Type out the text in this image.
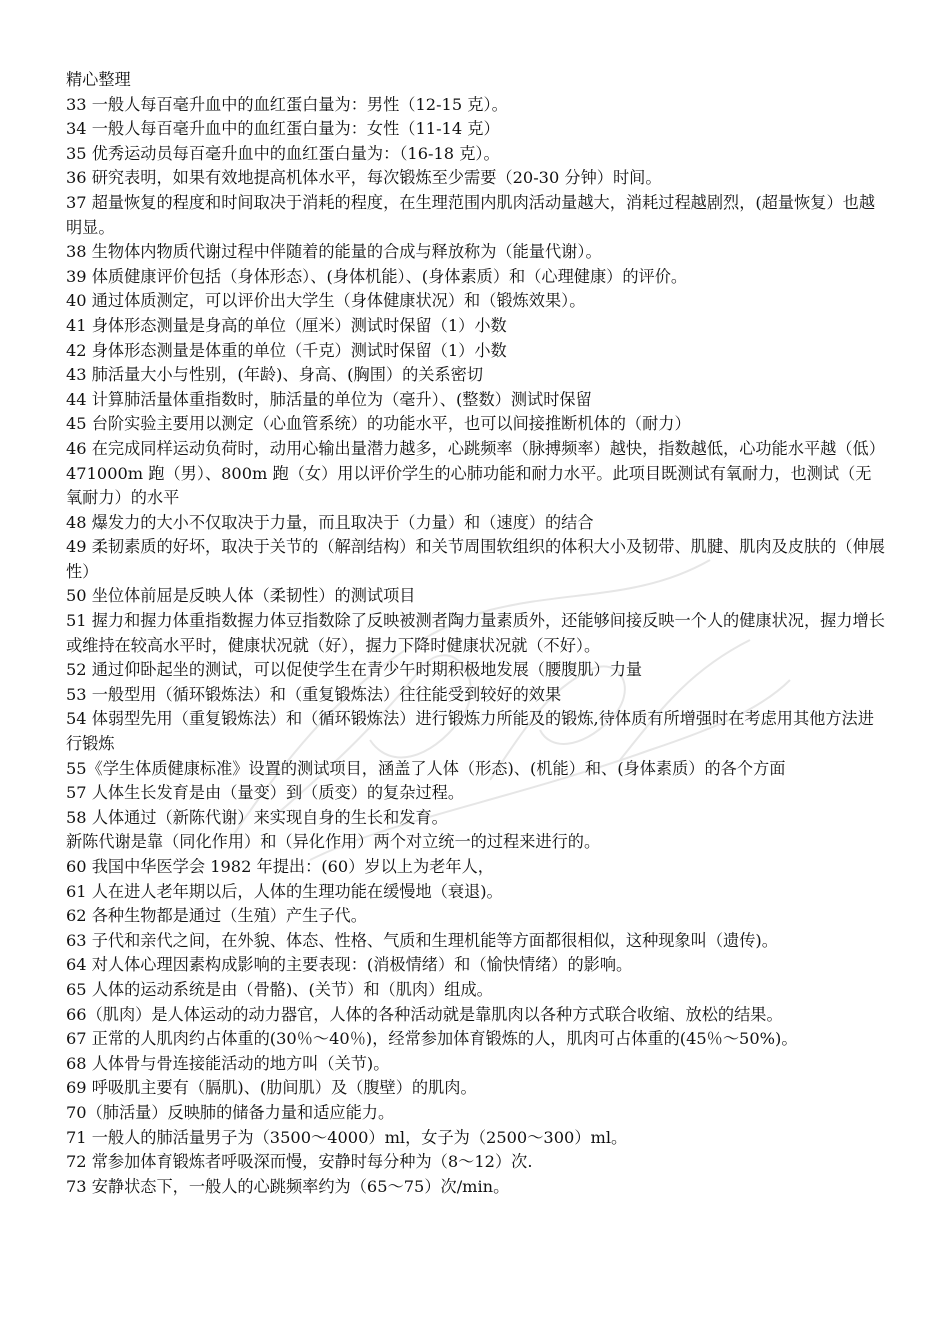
精心整理

33 一般人每百毫升血中的血红蛋白量为：男性（12-15 克）。

34 一般人每百毫升血中的血红蛋白量为：女性（11-14 克）

35 优秀运动员每百毫升血中的血红蛋白量为：（16-18 克）。

36 研究表明，如果有效地提高机体水平，每次锻炼至少需要（20-30 分钟）时间。

37 超量恢复的程度和时间取决于消耗的程度，在生理范围内肌肉活动量越大，消耗过程越剧烈，(超量恢复）也越明显。

38 生物体内物质代谢过程中伴随着的能量的合成与释放称为（能量代谢）。

39 体质健康评价包括（身体形态）、(身体机能）、(身体素质）和（心理健康）的评价。

40 通过体质测定，可以评价出大学生（身体健康状况）和（锻炼效果）。

41 身体形态测量是身高的单位（厘米）测试时保留（1）小数

42 身体形态测量是体重的单位（千克）测试时保留（1）小数

43 肺活量大小与性别，(年龄)、身高、(胸围）的关系密切

44 计算肺活量体重指数时，肺活量的单位为（毫升）、(整数）测试时保留

45 台阶实验主要用以测定（心血管系统）的功能水平，也可以间接推断机体的（耐力）

46 在完成同样运动负荷时，动用心输出量潜力越多，心跳频率（脉搏频率）越快，指数越低，心功能水平越（低）

471000m 跑（男）、800m 跑（女）用以评价学生的心肺功能和耐力水平。此项目既测试有氧耐力，也测试（无氧耐力）的水平

48 爆发力的大小不仅取决于力量，而且取决于（力量）和（速度）的结合

49 柔韧素质的好坏，取决于关节的（解剖结构）和关节周围软组织的体积大小及韧带、肌腱、肌肉及皮肤的（伸展性）

50 坐位体前屈是反映人体（柔韧性）的测试项目

51 握力和握力体重指数握力体豆指数除了反映被测者陶力量素质外，还能够间接反映一个人的健康状况，握力增长或维持在较高水平时，健康状况就（好），握力下降时健康状况就（不好）。

52 通过仰卧起坐的测试，可以促使学生在青少午时期积极地发展（腰腹肌）力量

53 一般型用（循环锻炼法）和（重复锻炼法）往往能受到较好的效果

54 体弱型先用（重复锻炼法）和（循环锻炼法）进行锻炼力所能及的锻炼,待体质有所增强时在考虑用其他方法进行锻炼

55《学生体质健康标准》设置的测试项目，涵盖了人体（形态)、(机能）和、(身体素质）的各个方面

57 人体生长发育是由（量变）到（质变）的复杂过程。

58 人体通过（新陈代谢）来实现自身的生长和发育。

新陈代谢是靠（同化作用）和（异化作用）两个对立统一的过程来进行的。

60 我国中华医学会 1982 年提出：(60）岁以上为老年人，

61 人在进人老年期以后，人体的生理功能在缓慢地（衰退)。

62 各种生物都是通过（生殖）产生子代。

63 子代和亲代之间，在外貌、体态、性格、气质和生理机能等方面都很相似，这种现象叫（遗传)。

64 对人体心理因素构成影响的主要表现：(消极情绪）和（愉快情绪）的影响。

65 人体的运动系统是由（骨骼)、(关节）和（肌肉）组成。

66（肌肉）是人体运动的动力器官，人体的各种活动就是靠肌肉以各种方式联合收缩、放松的结果。

67 正常的人肌肉约占体重的(30％～40％)，经常参加体育锻炼的人，肌肉可占体重的(45％～50%)。

68 人体骨与骨连接能活动的地方叫（关节)。

69 呼吸肌主要有（膈肌)、(肋间肌）及（腹壁）的肌肉。

70（肺活量）反映肺的储备力量和适应能力。

71 一般人的肺活量男子为（3500～4000）ml，女子为（2500～300）ml。

72 常参加体育锻炼者呼吸深而慢，安静时每分种为（8～12）次.

73 安静状态下，一般人的心跳频率约为（65～75）次/min。
